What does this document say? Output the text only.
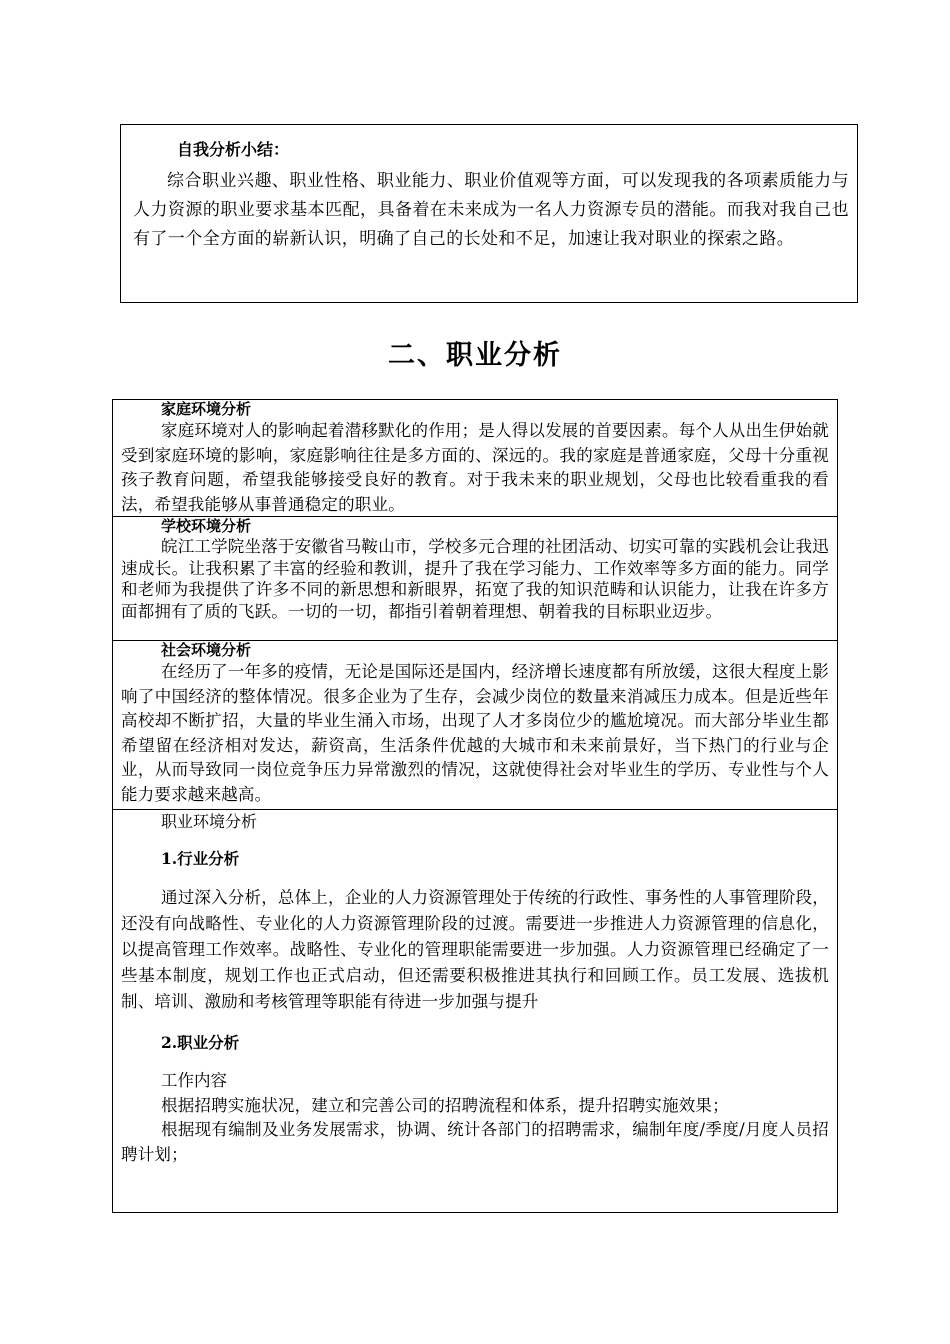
自我分析小结：
综合职业兴趣、职业性格、职业能力、职业价值观等方面，可以发现我的各项素质能力与人力资源的职业要求基本匹配，具备着在未来成为一名人力资源专员的潜能。而我对我自己也有了一个全方面的崭新认识，明确了自己的长处和不足，加速让我对职业的探索之路。
二、职业分析
家庭环境分析
家庭环境对人的影响起着潜移默化的作用；是人得以发展的首要因素。每个人从出生伊始就受到家庭环境的影响，家庭影响往往是多方面的、深远的。我的家庭是普通家庭，父母十分重视孩子教育问题，希望我能够接受良好的教育。对于我未来的职业规划，父母也比较看重我的看法，希望我能够从事普通稳定的职业。
学校环境分析
皖江工学院坐落于安徽省马鞍山市，学校多元合理的社团活动、切实可靠的实践机会让我迅速成长。让我积累了丰富的经验和教训，提升了我在学习能力、工作效率等多方面的能力。同学和老师为我提供了许多不同的新思想和新眼界，拓宽了我的知识范畴和认识能力，让我在许多方面都拥有了质的飞跃。一切的一切，都指引着朝着理想、朝着我的目标职业迈步。
社会环境分析
在经历了一年多的疫情，无论是国际还是国内，经济增长速度都有所放缓，这很大程度上影响了中国经济的整体情况。很多企业为了生存，会减少岗位的数量来消减压力成本。但是近些年高校却不断扩招，大量的毕业生涌入市场，出现了人才多岗位少的尴尬境况。而大部分毕业生都希望留在经济相对发达，薪资高，生活条件优越的大城市和未来前景好，当下热门的行业与企业，从而导致同一岗位竞争压力异常激烈的情况，这就使得社会对毕业生的学历、专业性与个人能力要求越来越高。
职业环境分析
1.行业分析
通过深入分析，总体上，企业的人力资源管理处于传统的行政性、事务性的人事管理阶段，还没有向战略性、专业化的人力资源管理阶段的过渡。需要进一步推进人力资源管理的信息化，以提高管理工作效率。战略性、专业化的管理职能需要进一步加强。人力资源管理已经确定了一些基本制度，规划工作也正式启动，但还需要积极推进其执行和回顾工作。员工发展、选拔机制、培训、激励和考核管理等职能有待进一步加强与提升
2.职业分析
工作内容
根据招聘实施状况，建立和完善公司的招聘流程和体系，提升招聘实施效果；
根据现有编制及业务发展需求，协调、统计各部门的招聘需求，编制年度/季度/月度人员招聘计划；
